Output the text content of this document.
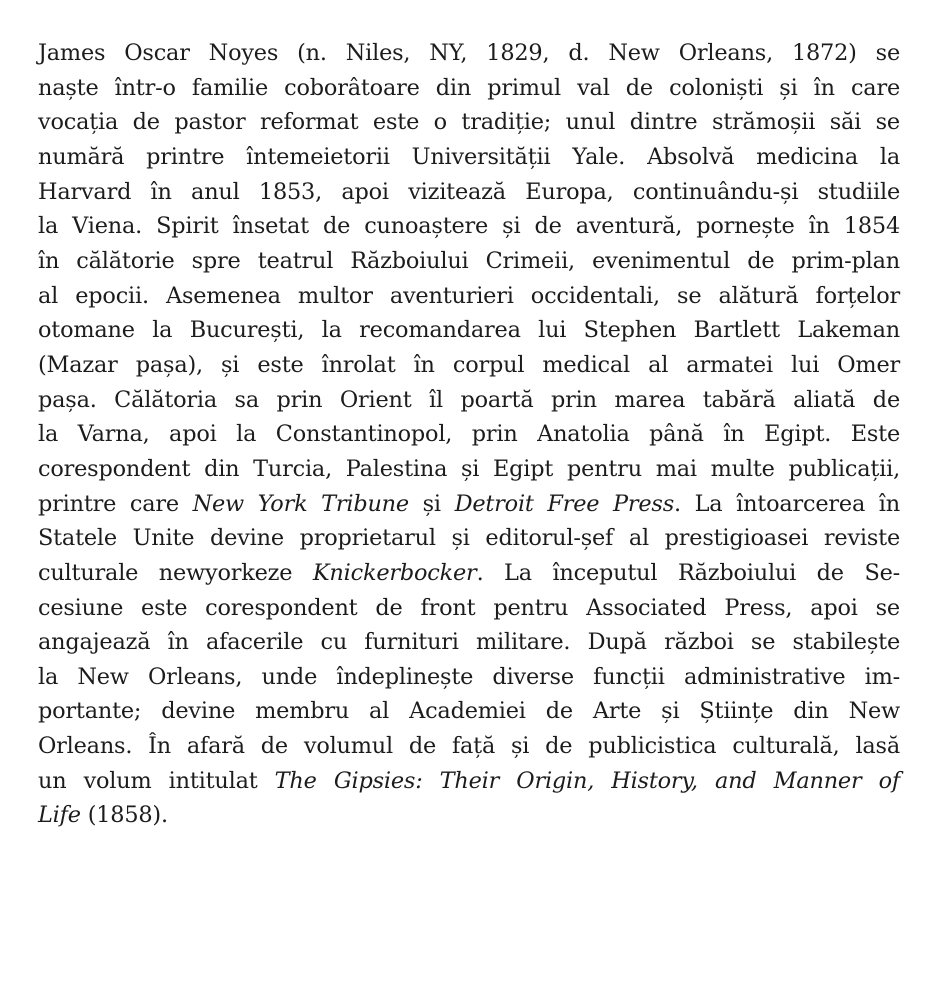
James Oscar Noyes (n. Niles, NY, 1829, d. New Orleans, 1872) se
naște într-o familie coborâtoare din primul val de coloniști și în care
vocația de pastor reformat este o tradiție; unul dintre strămoșii săi se
numără printre întemeietorii Universității Yale. Absolvă medicina la
Harvard în anul 1853, apoi vizitează Europa, continuându-și studiile
la Viena. Spirit însetat de cunoaștere și de aventură, pornește în 1854
în călătorie spre teatrul Războiului Crimeii, evenimentul de prim-plan
al epocii. Asemenea multor aventurieri occidentali, se alătură forțelor
otomane la București, la recomandarea lui Stephen Bartlett Lakeman
(Mazar pașa), și este înrolat în corpul medical al armatei lui Omer
pașa. Călătoria sa prin Orient îl poartă prin marea tabără aliată de
la Varna, apoi la Constantinopol, prin Anatolia până în Egipt. Este
corespondent din Turcia, Palestina și Egipt pentru mai multe publicații,
printre care New York Tribune și Detroit Free Press. La întoarcerea în
Statele Unite devine proprietarul și editorul-șef al prestigioasei reviste
culturale newyorkeze Knickerbocker. La începutul Războiului de Se-
cesiune este corespondent de front pentru Associated Press, apoi se
angajează în afacerile cu furnituri militare. După război se stabilește
la New Orleans, unde îndeplinește diverse funcții administrative im-
portante; devine membru al Academiei de Arte și Științe din New
Orleans. În afară de volumul de față și de publicistica culturală, lasă
un volum intitulat The Gipsies: Their Origin, History, and Manner of
Life (1858).
